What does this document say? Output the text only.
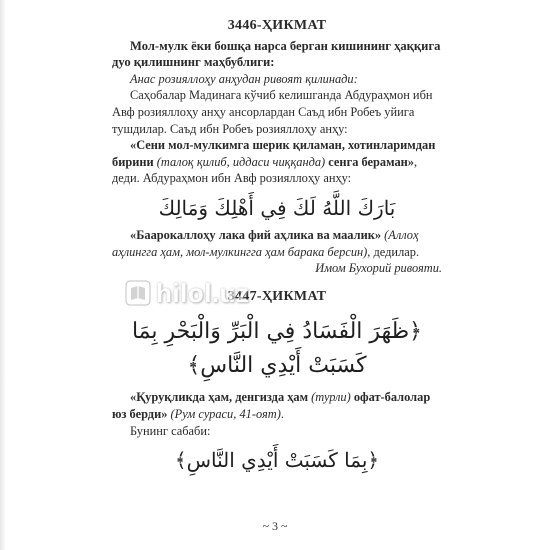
3446-ҲИКМАТ

Мол-мулк ёки бошқа нарса берган кишининг ҳаққига
дуо қилишнинг маҳбублиги:

Анас розияллоҳу анҳудан ривоят қилинади:

Саҳобалар Мадинага кўчиб келишганда Абдураҳмон ибн Авф розияллоҳу анҳу ансорлардан Саъд ибн Робеъ уйига тушдилар. Саъд ибн Робеъ розияллоҳу анҳу:

«Сени мол-мулкимга шерик қиламан, хотинларимдан бирини (талоқ қилиб, иддаси чиққанда) сенга бераман», деди. Абдураҳмон ибн Авф розияллоҳу анҳу:

بَارَكَ اللَّهُ لَكَ فِي أَهْلِكَ وَمَالِكَ

«Баарокаллоҳу лака фий аҳлика ва маалик» (Аллоҳ аҳлингга ҳам, мол-мулкингга ҳам барака берсин), дедилар.

Имом Бухорий ривояти.

3447-ҲИКМАТ
﴿ظَهَرَ الْفَسَادُ فِي الْبَرِّ وَالْبَحْرِ بِمَا كَسَبَتْ أَيْدِي النَّاسِ﴾

«Қуруқликда ҳам, денгизда ҳам (турли) офат-балолар юз берди» (Рум сураси, 41-оят).

Бунинг сабаби:

﴿بِمَا كَسَبَتْ أَيْدِي النَّاسِ﴾
hilol.uz
~ 3 ~
